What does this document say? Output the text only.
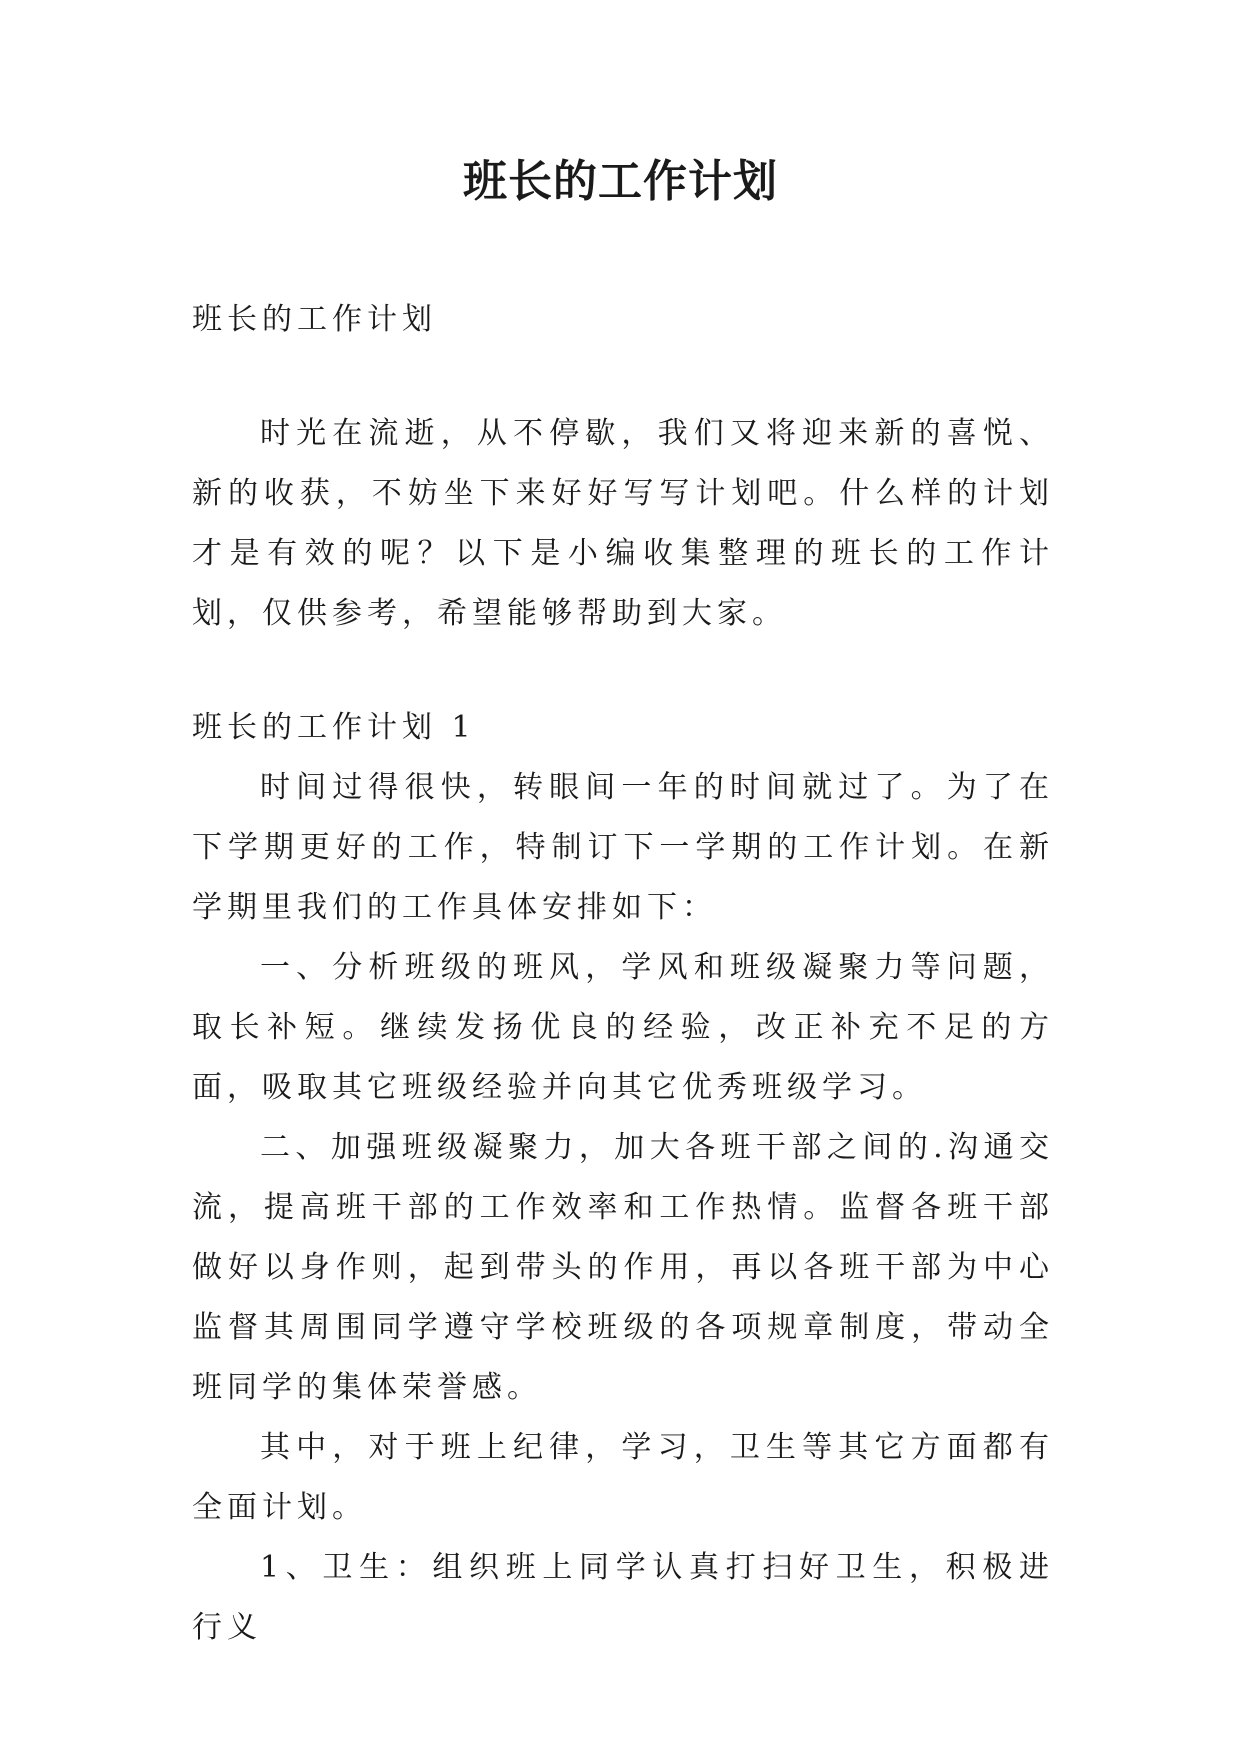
班长的工作计划

班长的工作计划

时光在流逝，从不停歇，我们又将迎来新的喜悦、新的收获，不妨坐下来好好写写计划吧。什么样的计划才是有效的呢？以下是小编收集整理的班长的工作计划，仅供参考，希望能够帮助到大家。

班长的工作计划 1

时间过得很快，转眼间一年的时间就过了。为了在下学期更好的工作，特制订下一学期的工作计划。在新学期里我们的工作具体安排如下：

一、分析班级的班风，学风和班级凝聚力等问题，取长补短。继续发扬优良的经验，改正补充不足的方面，吸取其它班级经验并向其它优秀班级学习。

二、加强班级凝聚力，加大各班干部之间的.沟通交流，提高班干部的工作效率和工作热情。监督各班干部做好以身作则，起到带头的作用，再以各班干部为中心监督其周围同学遵守学校班级的各项规章制度，带动全班同学的集体荣誉感。

其中，对于班上纪律，学习，卫生等其它方面都有全面计划。

1、卫生：组织班上同学认真打扫好卫生，积极进行义
